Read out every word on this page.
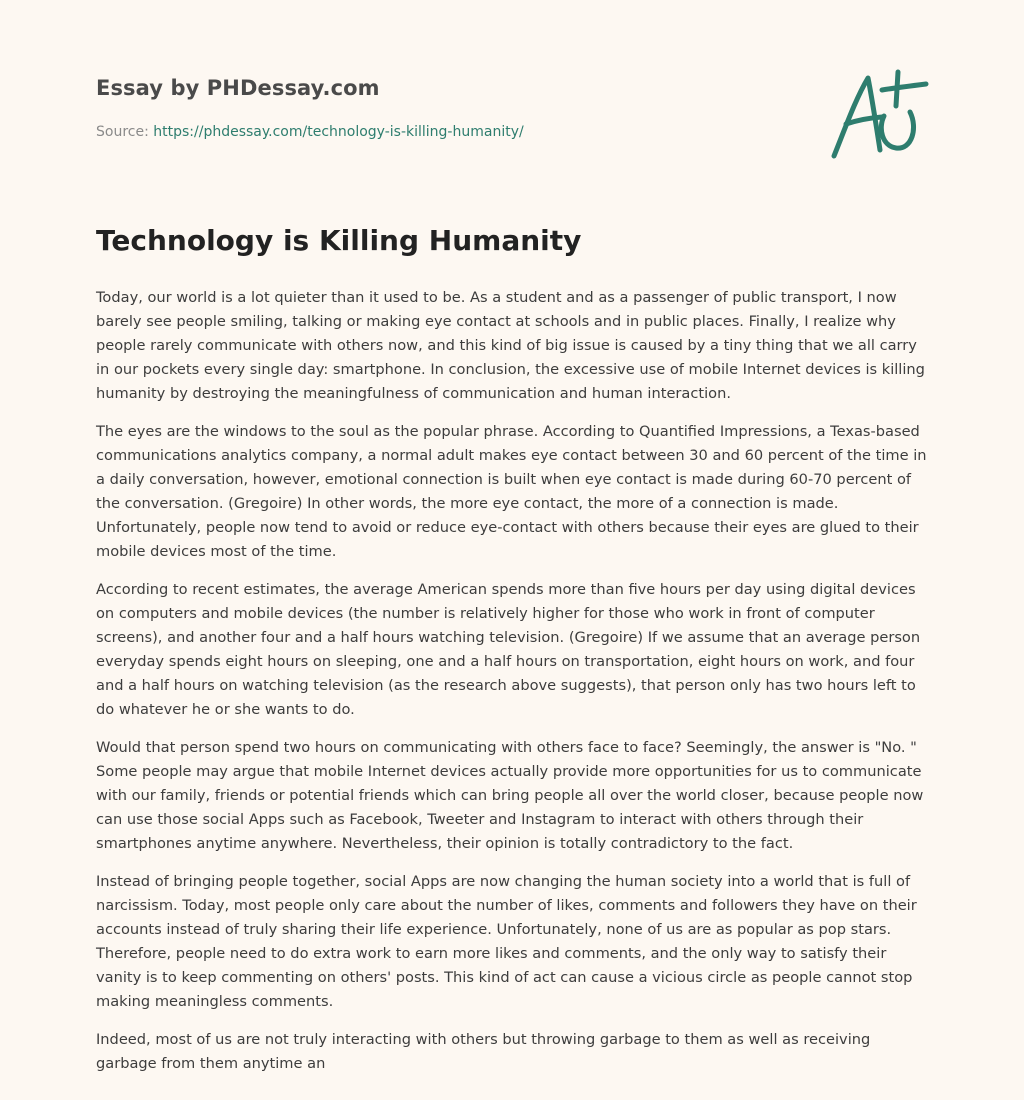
Essay by PHDessay.com
Source: https://phdessay.com/technology-is-killing-humanity/
Technology is Killing Humanity

Today, our world is a lot quieter than it used to be. As a student and as a passenger of public transport, I now barely see people smiling, talking or making eye contact at schools and in public places. Finally, I realize why people rarely communicate with others now, and this kind of big issue is caused by a tiny thing that we all carry in our pockets every single day: smartphone. In conclusion, the excessive use of mobile Internet devices is killing humanity by destroying the meaningfulness of communication and human interaction.

The eyes are the windows to the soul as the popular phrase. According to Quantified Impressions, a Texas-based communications analytics company, a normal adult makes eye contact between 30 and 60 percent of the time in a daily conversation, however, emotional connection is built when eye contact is made during 60-70 percent of the conversation. (Gregoire) In other words, the more eye contact, the more of a connection is made. Unfortunately, people now tend to avoid or reduce eye-contact with others because their eyes are glued to their mobile devices most of the time.

According to recent estimates, the average American spends more than five hours per day using digital devices on computers and mobile devices (the number is relatively higher for those who work in front of computer screens), and another four and a half hours watching television. (Gregoire) If we assume that an average person everyday spends eight hours on sleeping, one and a half hours on transportation, eight hours on work, and four and a half hours on watching television (as the research above suggests), that person only has two hours left to do whatever he or she wants to do.

Would that person spend two hours on communicating with others face to face? Seemingly, the answer is "No. " Some people may argue that mobile Internet devices actually provide more opportunities for us to communicate with our family, friends or potential friends which can bring people all over the world closer, because people now can use those social Apps such as Facebook, Tweeter and Instagram to interact with others through their smartphones anytime anywhere. Nevertheless, their opinion is totally contradictory to the fact.

Instead of bringing people together, social Apps are now changing the human society into a world that is full of narcissism. Today, most people only care about the number of likes, comments and followers they have on their accounts instead of truly sharing their life experience. Unfortunately, none of us are as popular as pop stars. Therefore, people need to do extra work to earn more likes and comments, and the only way to satisfy their vanity is to keep commenting on others' posts. This kind of act can cause a vicious circle as people cannot stop making meaningless comments.

Indeed, most of us are not truly interacting with others but throwing garbage to them as well as receiving garbage from them anytime an
